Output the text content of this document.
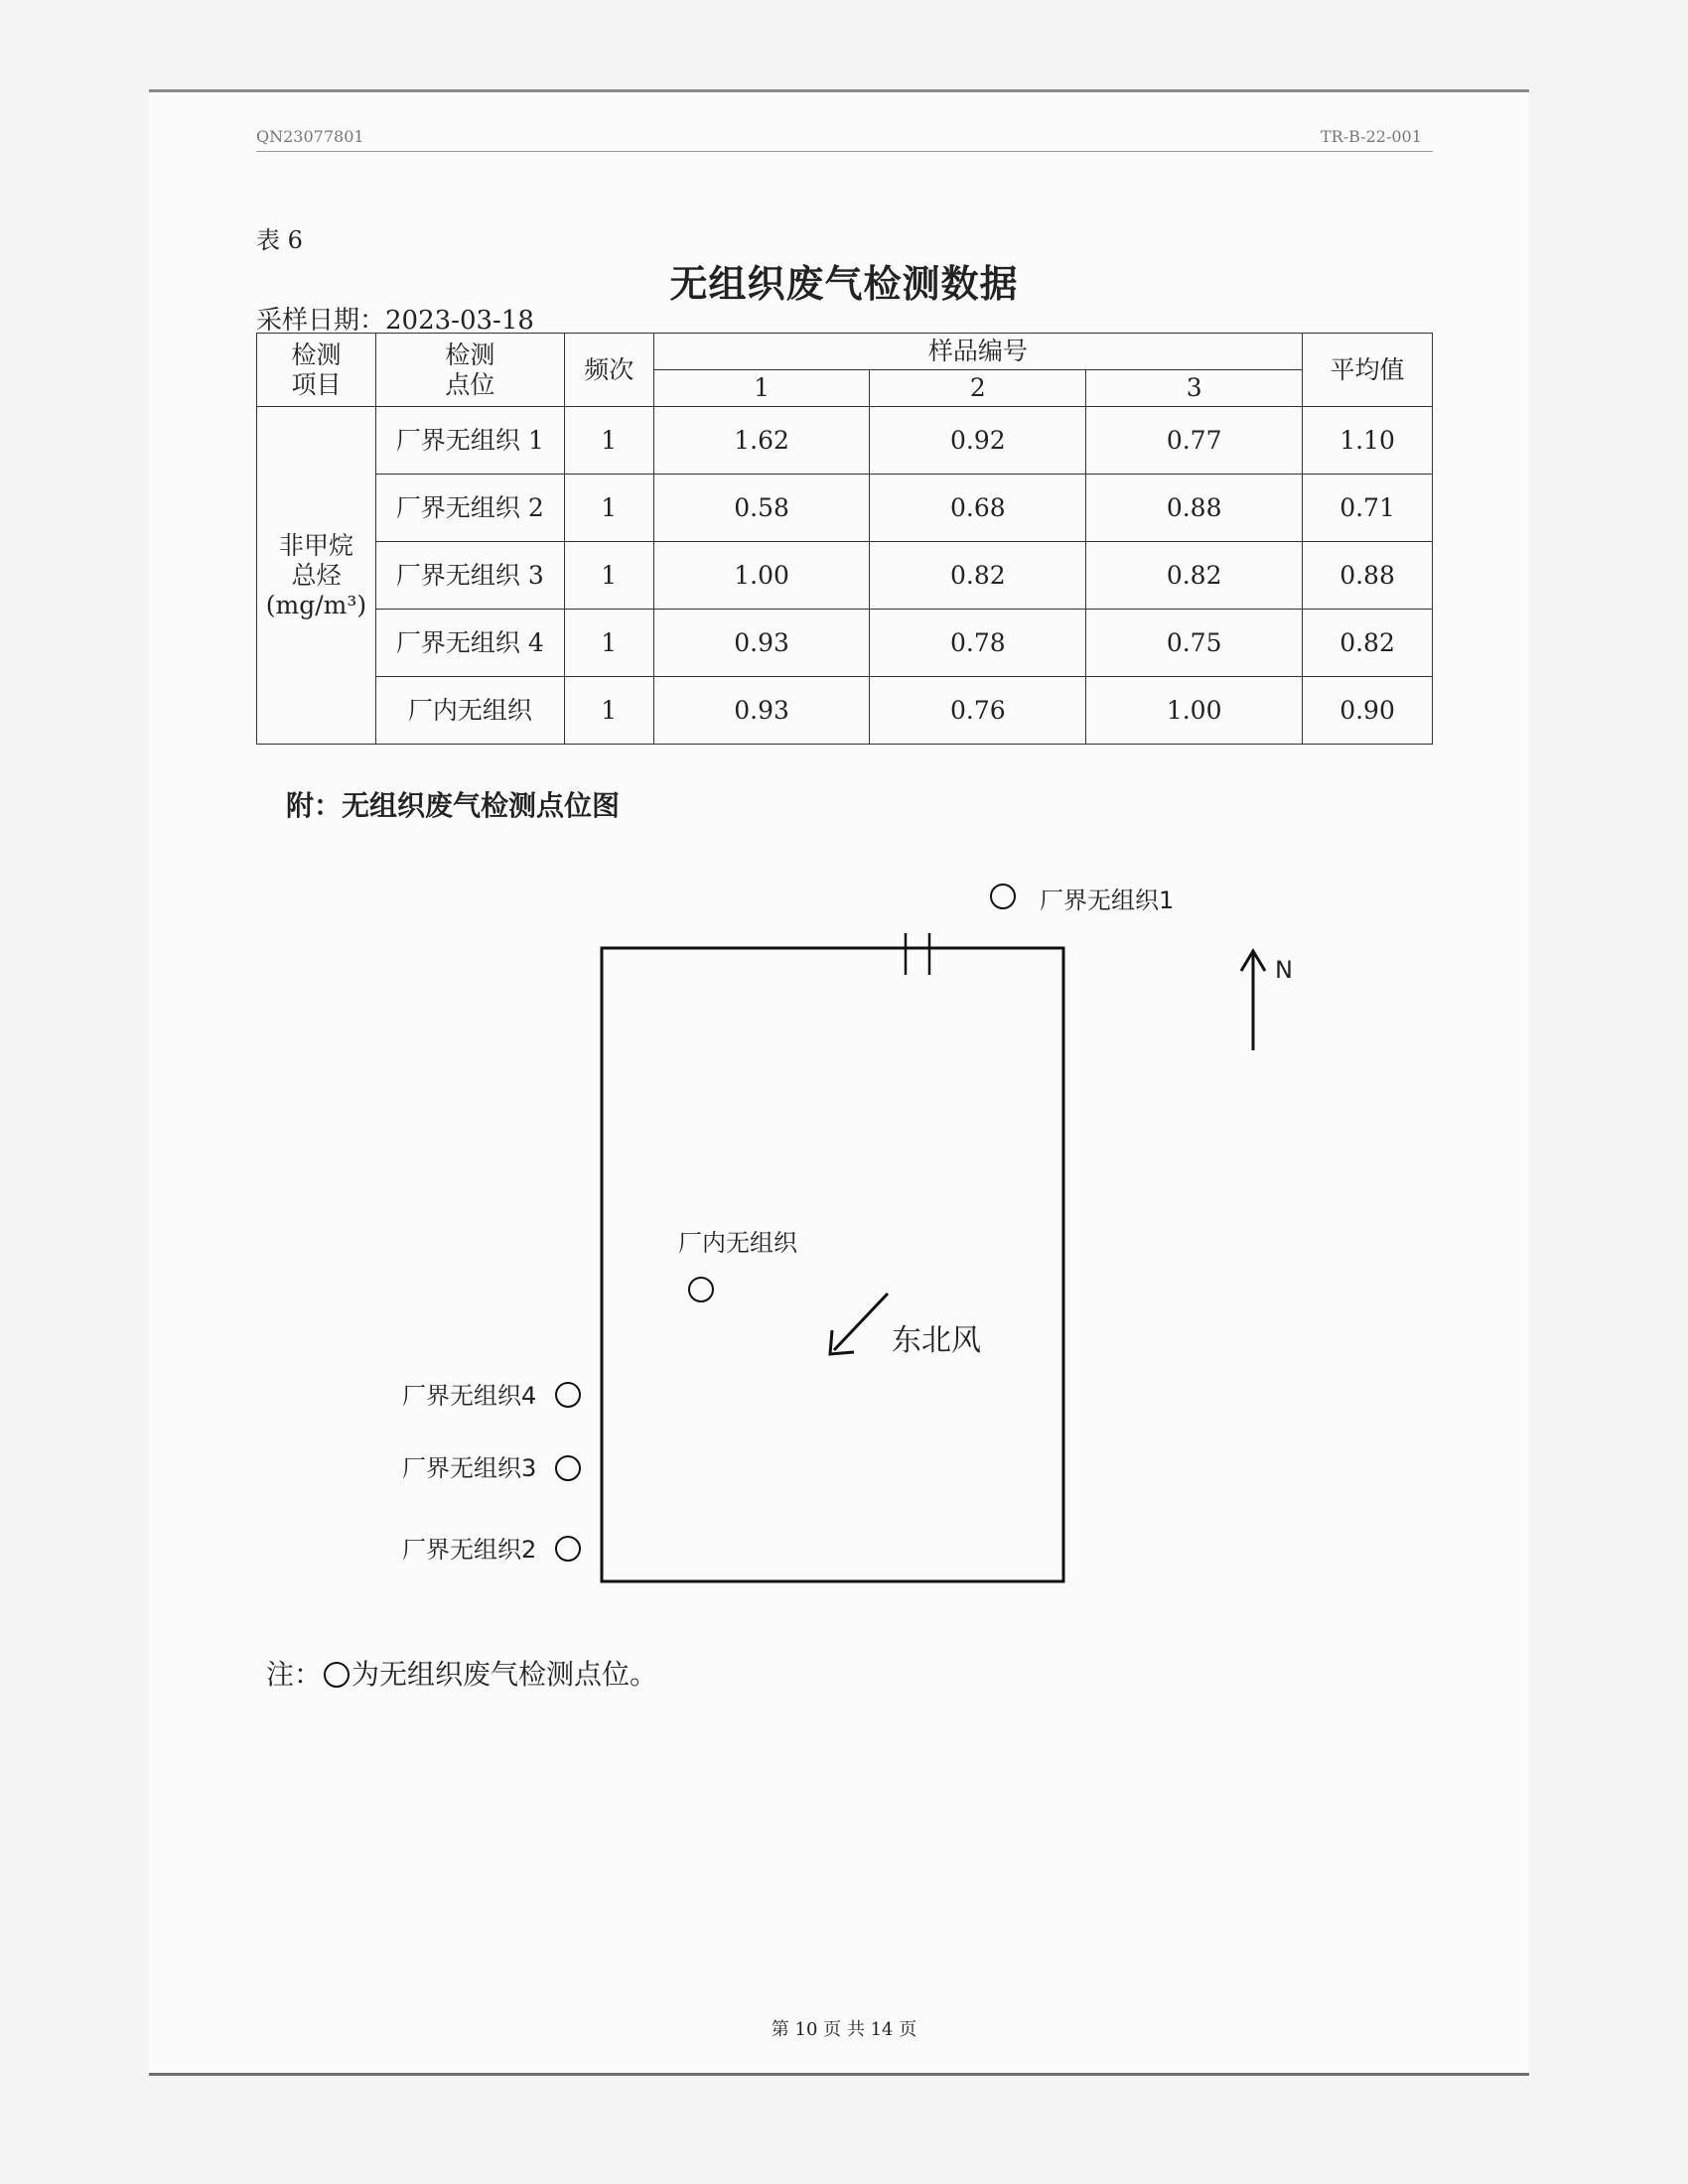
QN23077801	TR-B-22-001
表 6
无组织废气检测数据
采样日期：2023-03-18
检测
项目	检测
点位	频次	样品编号			平均值
			1	2	3	
非甲烷
总烃
(mg/m³)	厂界无组织 1	1	1.62	0.92	0.77	1.10
	厂界无组织 2	1	0.58	0.68	0.88	0.71
	厂界无组织 3	1	1.00	0.82	0.82	0.88
	厂界无组织 4	1	0.93	0.78	0.75	0.82
	厂内无组织	1	0.93	0.76	1.00	0.90
附：无组织废气检测点位图
N
东北风
厂界无组织1
厂内无组织
厂界无组织4
厂界无组织3
厂界无组织2
注： 为无组织废气检测点位。
第 10 页 共 14 页
